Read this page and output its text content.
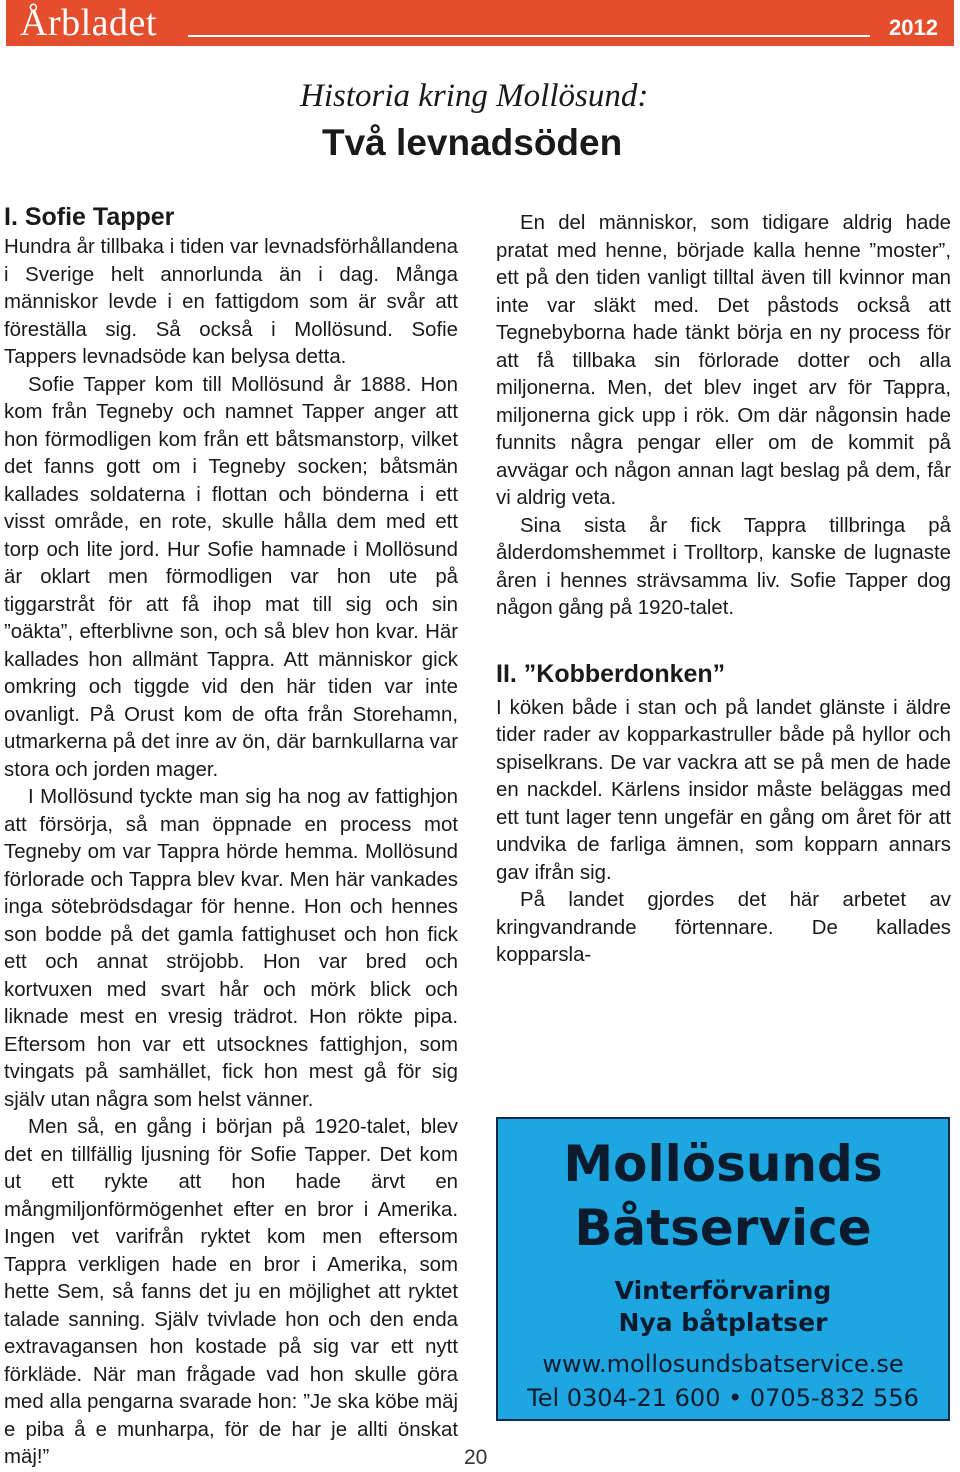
Årbladet	2012
Historia kring Mollösund:
Två levnadsöden
I. Sofie Tapper

Hundra år tillbaka i tiden var levnadsförhållandena i Sverige helt annorlunda än i dag. Många människor levde i en fattigdom som är svår att föreställa sig. Så också i Mollösund. Sofie Tappers levnadsöde kan belysa detta.

Sofie Tapper kom till Mollösund år 1888. Hon kom från Tegneby och namnet Tapper anger att hon förmodligen kom från ett båtsmanstorp, vilket det fanns gott om i Tegneby socken; båtsmän kallades soldaterna i flottan och bönderna i ett visst område, en rote, skulle hålla dem med ett torp och lite jord. Hur Sofie hamnade i Mollösund är oklart men förmodligen var hon ute på tiggarstråt för att få ihop mat till sig och sin ”oäkta”, efterblivne son, och så blev hon kvar. Här kallades hon allmänt Tappra. Att människor gick omkring och tiggde vid den här tiden var inte ovanligt. På Orust kom de ofta från Storehamn, utmarkerna på det inre av ön, där barnkullarna var stora och jorden mager.

I Mollösund tyckte man sig ha nog av fattighjon att försörja, så man öppnade en process mot Tegneby om var Tappra hörde hemma. Mollösund förlorade och Tappra blev kvar. Men här vankades inga sötebrödsdagar för henne. Hon och hennes son bodde på det gamla fattighuset och hon fick ett och annat ströjobb. Hon var bred och kortvuxen med svart hår och mörk blick och liknade mest en vresig trädrot. Hon rökte pipa. Eftersom hon var ett utsocknes fattighjon, som tvingats på samhället, fick hon mest gå för sig själv utan några som helst vänner.

Men så, en gång i början på 1920-talet, blev det en tillfällig ljusning för Sofie Tapper. Det kom ut ett rykte att hon hade ärvt en mångmiljonförmögenhet efter en bror i Amerika. Ingen vet varifrån ryktet kom men eftersom Tappra verkligen hade en bror i Amerika, som hette Sem, så fanns det ju en möjlighet att ryktet talade sanning. Själv tvivlade hon och den enda extravagansen hon kostade på sig var ett nytt förkläde. När man frågade vad hon skulle göra med alla pengarna svarade hon: ”Je ska köbe mäj e piba å e munharpa, för de har je allti önskat mäj!”

En del människor, som tidigare aldrig hade pratat med henne, började kalla henne ”moster”, ett på den tiden vanligt tilltal även till kvinnor man inte var släkt med. Det påstods också att Tegnebyborna hade tänkt börja en ny process för att få tillbaka sin förlorade dotter och alla miljonerna. Men, det blev inget arv för Tappra, miljonerna gick upp i rök. Om där någonsin hade funnits några pengar eller om de kommit på avvägar och någon annan lagt beslag på dem, får vi aldrig veta.

Sina sista år fick Tappra tillbringa på ålderdomshemmet i Trolltorp, kanske de lugnaste åren i hennes strävsamma liv. Sofie Tapper dog någon gång på 1920-talet.

II. ”Kobberdonken”

I köken både i stan och på landet glänste i äldre tider rader av kopparkastruller både på hyllor och spiselkrans. De var vackra att se på men de hade en nackdel. Kärlens insidor måste beläggas med ett tunt lager tenn ungefär en gång om året för att undvika de farliga ämnen, som kopparn annars gav ifrån sig.

På landet gjordes det här arbetet av kringvandrande förtennare. De kallades kopparsla-

Mollösunds
Båtservice
Vinterförvaring
Nya båtplatser
www.mollosundsbatservice.se
Tel 0304-21 600 • 0705-832 556
20
